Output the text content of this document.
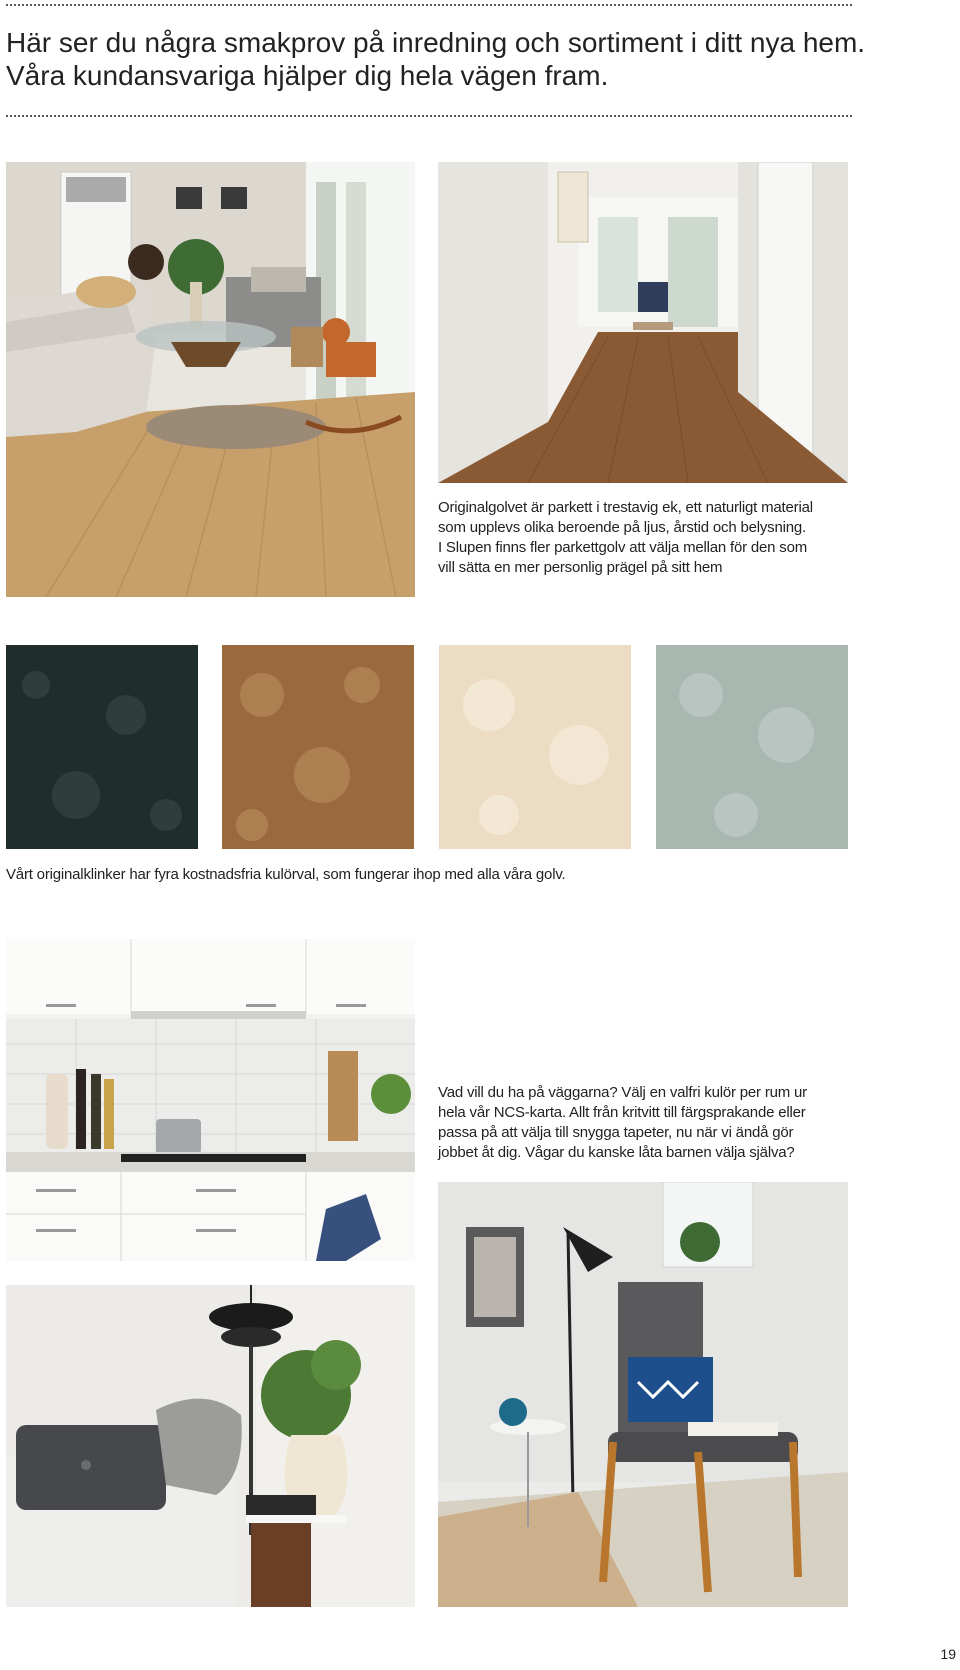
Här ser du några smakprov på inredning och sortiment i ditt nya hem.
Våra kundansvariga hjälper dig hela vägen fram.
Originalgolvet är parkett i trestavig ek, ett naturligt material
som upplevs olika beroende på ljus, årstid och belysning.
I Slupen finns fler parkettgolv att välja mellan för den som
vill sätta en mer personlig prägel på sitt hem
Vårt originalklinker har fyra kostnadsfria kulörval, som fungerar ihop med alla våra golv.
Vad vill du ha på väggarna? Välj en valfri kulör per rum ur
hela vår NCS-karta. Allt från kritvitt till färgsprakande eller
passa på att välja till snygga tapeter, nu när vi ändå gör
jobbet åt dig. Vågar du kanske låta barnen välja själva?
19
